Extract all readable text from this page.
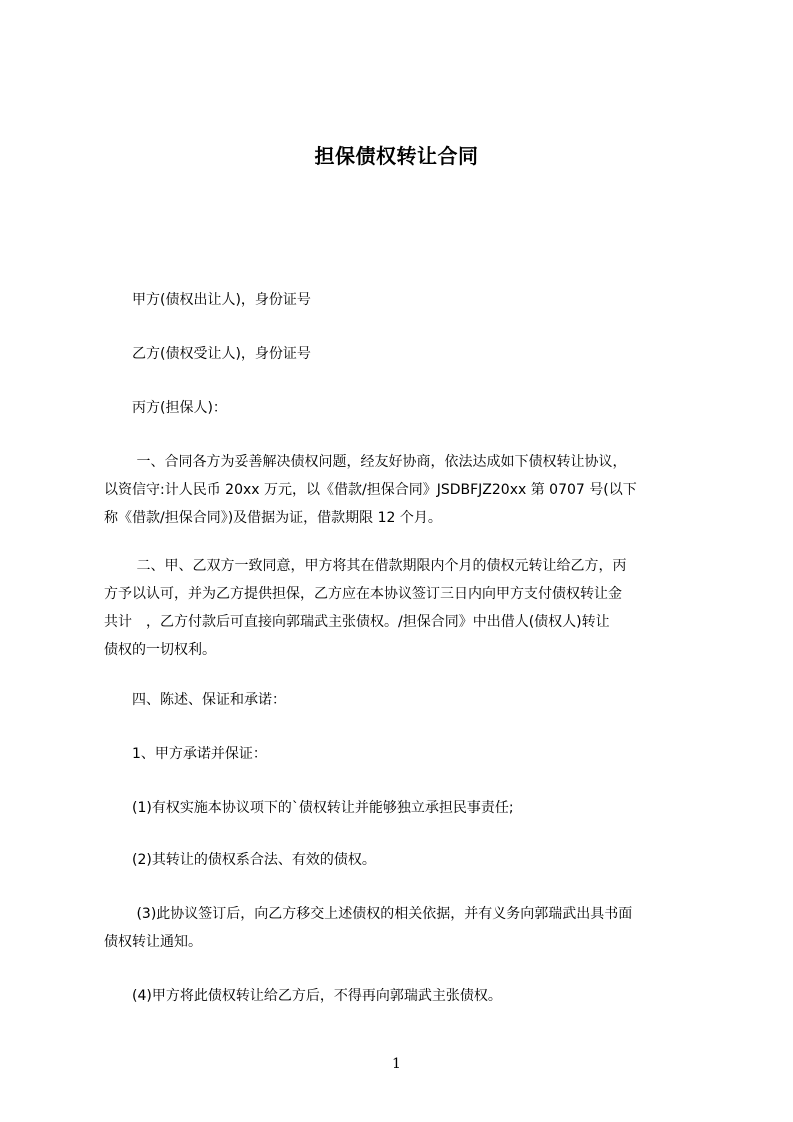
担保债权转让合同
　　甲方(债权出让人)，身份证号
　　乙方(债权受让人)，身份证号
　　丙方(担保人)：
　　 一、合同各方为妥善解决债权问题，经友好协商，依法达成如下债权转让协议，
以资信守:计人民币 20xx 万元，以《借款/担保合同》JSDBFJZ20xx 第 0707 号(以下
称《借款/担保合同》)及借据为证，借款期限 12 个月。
　　 二、甲、乙双方一致同意，甲方将其在借款期限内个月的债权元转让给乙方，丙
方予以认可，并为乙方提供担保，乙方应在本协议签订三日内向甲方支付债权转让金
共计　，乙方付款后可直接向郭瑞武主张债权。/担保合同》中出借人(债权人)转让
债权的一切权利。
　　四、陈述、保证和承诺：
　　1、甲方承诺并保证：
　　(1)有权实施本协议项下的`债权转让并能够独立承担民事责任;
　　(2)其转让的债权系合法、有效的债权。
　　 (3)此协议签订后，向乙方移交上述债权的相关依据，并有义务向郭瑞武出具书面
债权转让通知。
　　(4)甲方将此债权转让给乙方后，不得再向郭瑞武主张债权。
1
